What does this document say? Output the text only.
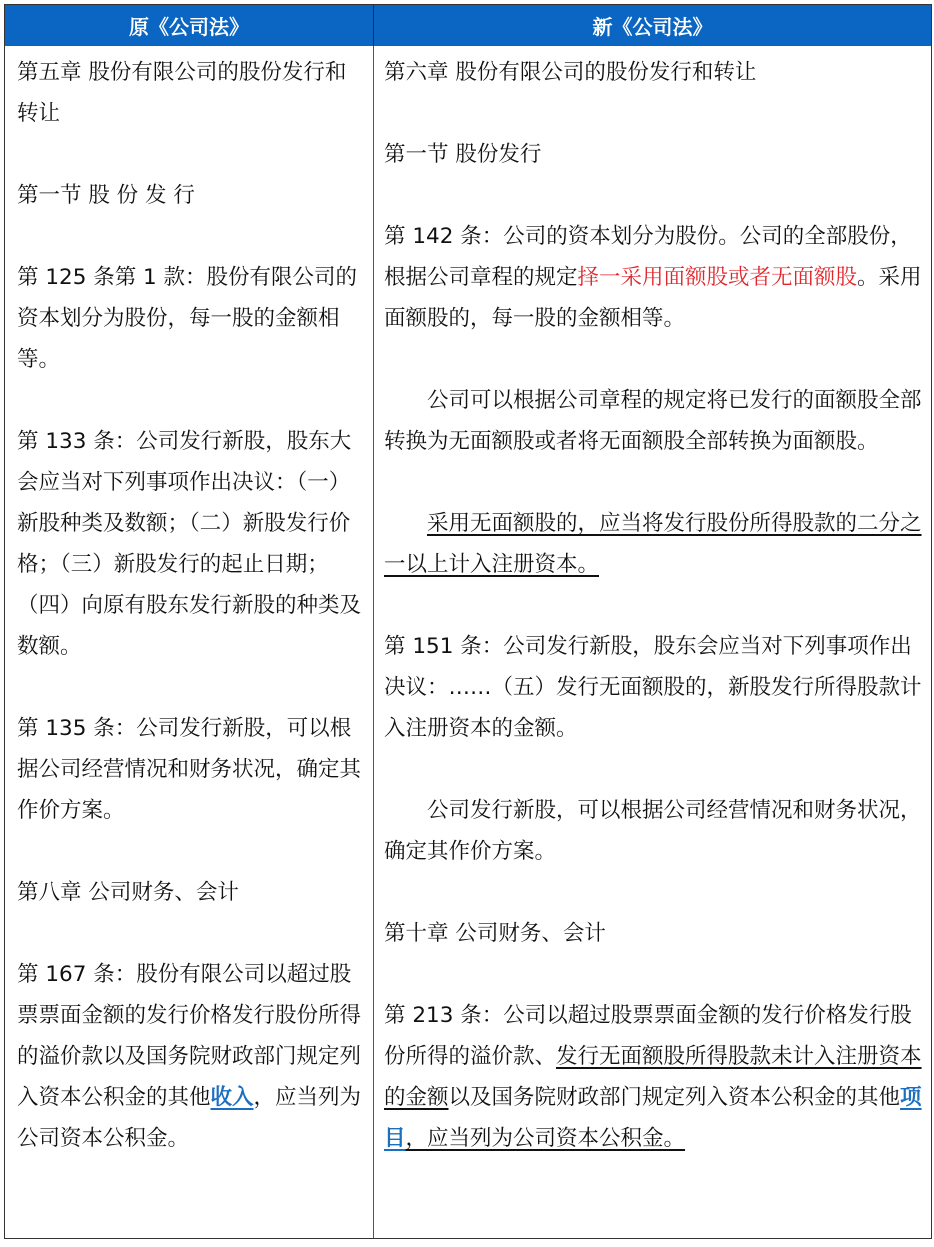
原《公司法》	新《公司法》

第五章 股份有限公司的股份发行和转让

第一节 股 份 发 行

第 125 条第 1 款：股份有限公司的资本划分为股份，每一股的金额相等。

第 133 条：公司发行新股，股东大会应当对下列事项作出决议：（一）新股种类及数额；（二）新股发行价格；（三）新股发行的起止日期；（四）向原有股东发行新股的种类及数额。

第 135 条：公司发行新股，可以根据公司经营情况和财务状况，确定其作价方案。

第八章 公司财务、会计

第 167 条：股份有限公司以超过股票票面金额的发行价格发行股份所得的溢价款以及国务院财政部门规定列入资本公积金的其他收入，应当列为公司资本公积金。

第六章 股份有限公司的股份发行和转让

第一节 股份发行

第 142 条：公司的资本划分为股份。公司的全部股份，根据公司章程的规定择一采用面额股或者无面额股。采用面额股的，每一股的金额相等。

公司可以根据公司章程的规定将已发行的面额股全部转换为无面额股或者将无面额股全部转换为面额股。

采用无面额股的，应当将发行股份所得股款的二分之一以上计入注册资本。

第 151 条：公司发行新股，股东会应当对下列事项作出决议：……（五）发行无面额股的，新股发行所得股款计入注册资本的金额。

公司发行新股，可以根据公司经营情况和财务状况，确定其作价方案。

第十章 公司财务、会计

第 213 条：公司以超过股票票面金额的发行价格发行股份所得的溢价款、发行无面额股所得股款未计入注册资本的金额以及国务院财政部门规定列入资本公积金的其他项目，应当列为公司资本公积金。
